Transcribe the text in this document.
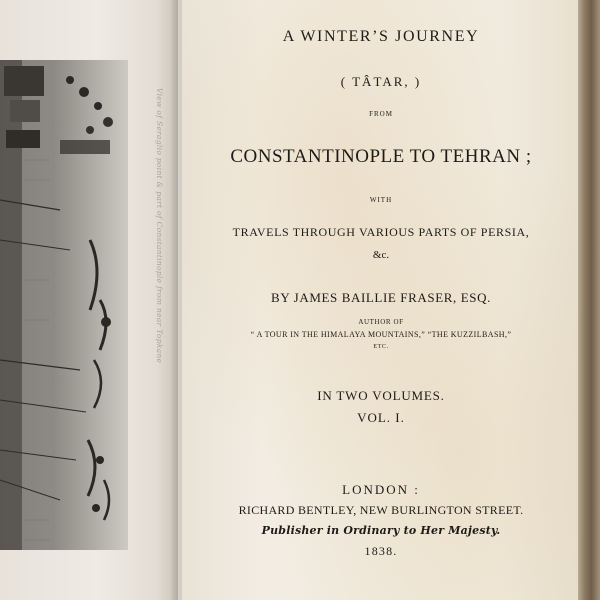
View of Seraglio point & part of Constantinople from near Topkane
A WINTER’S JOURNEY
( TÂTAR, )
FROM
CONSTANTINOPLE TO TEHRAN ;
WITH
TRAVELS THROUGH VARIOUS PARTS OF PERSIA,
&c.
BY JAMES BAILLIE FRASER, ESQ.
AUTHOR OF
“ A TOUR IN THE HIMALAYA MOUNTAINS,” “THE KUZZILBASH,”
ETC.
IN TWO VOLUMES.
VOL. I.
LONDON :
RICHARD BENTLEY, NEW BURLINGTON STREET.
Publisher in Ordinary to Her Majesty.
1838.
